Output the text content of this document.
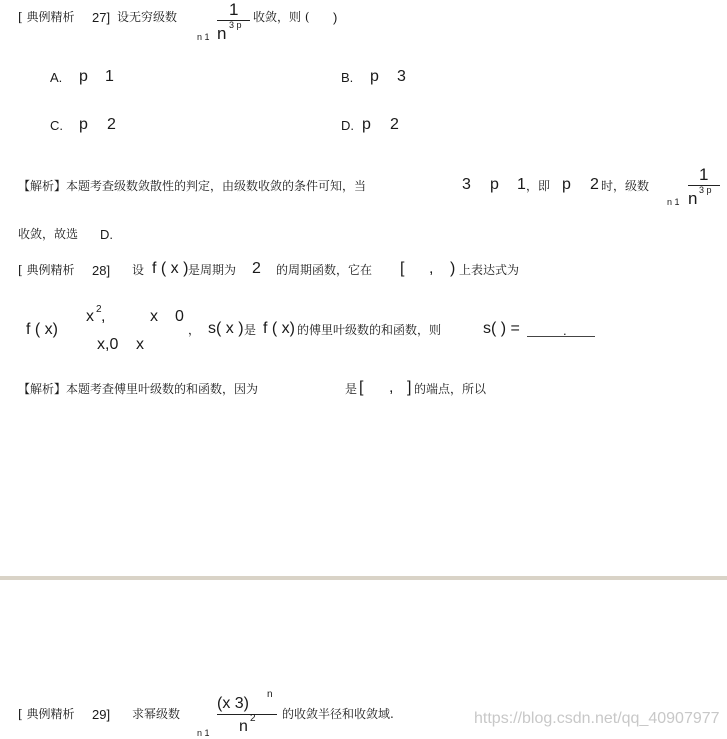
[ 典例精析 27] 设无穷级数	1
n 3 p
n 1
收敛，则 ( )
A. p 1	B. p 3
C. p 2	D. p 2
【解析】本题考查级数敛散性的判定，由级数收敛的条件可知，当	3 p 1 ，即 p 2 时，级数
1
n 3 p
n 1
收敛，故选 D.
[ 典例精析 28] 设 f ( x ) 是周期为 2 的周期函数，它在 [ , ) 上表达式为
f ( x)
x 2 ,	x 0
x,0 x
， s( x ) 是 f ( x) 的傅里叶级数的和函数，则	s( ) =	.
【解析】本题考查傅里叶级数的和函数，因为	是 [ , ] 的端点，所以
[ 典例精析 29] 求幂级数
(x 3)
n
n 2
n 1
的收敛半径和收敛域.	https://blog.csdn.net/qq_40907977
